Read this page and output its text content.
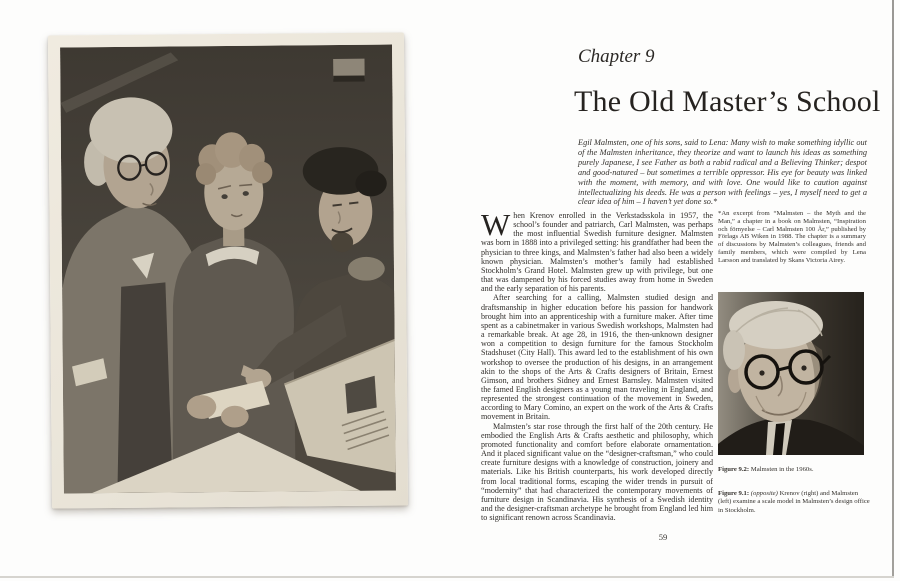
Chapter 9
The Old Master’s School
Egil Malmsten, one of his sons, said to Lena: Many wish to make something idyllic out of the Malmsten inheritance, they theorize and want to launch his ideas as something purely Japanese, I see Father as both a rabid radical and a Believing Thinker; despot and good-natured – but sometimes a terrible oppressor. His eye for beauty was linked with the moment, with memory, and with love. One would like to caution against intellectualizing his deeds. He was a person with feelings – yes, I myself need to get a clear idea of him – I haven’t yet done so.*

When Krenov enrolled in the Verkstadsskola in 1957, the school’s founder and patriarch, Carl Malmsten, was perhaps the most influential Swedish furniture designer. Malmsten was born in 1888 into a privileged setting: his grandfather had been the physician to three kings, and Malmsten’s father had also been a widely known physician. Malmsten’s mother’s family had established Stockholm’s Grand Hotel. Malmsten grew up with privilege, but one that was dampened by his forced studies away from home in Sweden and the early separation of his parents.

After searching for a calling, Malmsten studied design and draftsmanship in higher education before his passion for handwork brought him into an apprenticeship with a furniture maker. After time spent as a cabinetmaker in various Swedish workshops, Malmsten had a remarkable break. At age 28, in 1916, the then-unknown designer won a competition to design furniture for the famous Stockholm Stadshuset (City Hall). This award led to the establishment of his own workshop to oversee the production of his designs, in an arrangement akin to the shops of the Arts & Crafts designers of Britain, Ernest Gimson, and brothers Sidney and Ernest Barnsley. Malmsten visited the famed English designers as a young man traveling in England, and represented the strongest continuation of the movement in Sweden, according to Mary Comino, an expert on the work of the Arts & Crafts movement in Britain.

Malmsten’s star rose through the first half of the 20th century. He embodied the English Arts & Crafts aesthetic and philosophy, which promoted functionality and comfort before elaborate ornamentation. And it placed significant value on the “designer-craftsman,” who could create furniture designs with a knowledge of construction, joinery and materials. Like his British counterparts, his work developed directly from local traditional forms, escaping the wider trends in pursuit of “modernity” that had characterized the contemporary movements of furniture design in Scandinavia. His synthesis of a Swedish identity and the designer-craftsman archetype he brought from England led him to significant renown across Scandinavia.

*An excerpt from “Malmsten – the Myth and the Man,” a chapter in a book on Malmsten, “Inspiration och förnyelse – Carl Malmsten 100 År,” published by Förlags AB Wiken in 1988. The chapter is a summary of discussions by Malmsten’s colleagues, friends and family members, which were compiled by Lena Larsson and translated by Skans Victoria Airey.
Figure 9.2: Malmsten in the 1960s.
Figure 9.1: (opposite) Krenov (right) and Malmsten (left) examine a scale model in Malmsten’s design office in Stockholm.
59
